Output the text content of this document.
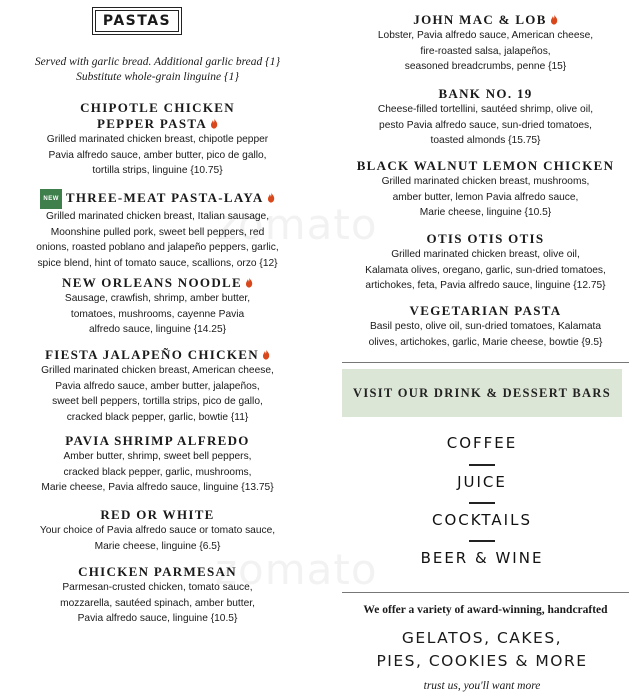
PASTAS
Served with garlic bread. Additional garlic bread {1}
Substitute whole-grain linguine {1}
CHIPOTLE CHICKEN
PEPPER PASTA
Grilled marinated chicken breast, chipotle pepper
Pavia alfredo sauce, amber butter, pico de gallo,
tortilla strips, linguine {10.75}
NEW THREE-MEAT PASTA-LAYA
Grilled marinated chicken breast, Italian sausage,
Moonshine pulled pork, sweet bell peppers, red
onions, roasted poblano and jalapeño peppers, garlic,
spice blend, hint of tomato sauce, scallions, orzo {12}
NEW ORLEANS NOODLE
Sausage, crawfish, shrimp, amber butter,
tomatoes, mushrooms, cayenne Pavia
alfredo sauce, linguine {14.25}
FIESTA JALAPEÑO CHICKEN
Grilled marinated chicken breast, American cheese,
Pavia alfredo sauce, amber butter, jalapeños,
sweet bell peppers, tortilla strips, pico de gallo,
cracked black pepper, garlic, bowtie {11}
PAVIA SHRIMP ALFREDO
Amber butter, shrimp, sweet bell peppers,
cracked black pepper, garlic, mushrooms,
Marie cheese, Pavia alfredo sauce, linguine {13.75}
RED OR WHITE
Your choice of Pavia alfredo sauce or tomato sauce,
Marie cheese, linguine {6.5}
CHICKEN PARMESAN
Parmesan-crusted chicken, tomato sauce,
mozzarella, sautéed spinach, amber butter,
Pavia alfredo sauce, linguine {10.5}
JOHN MAC & LOB
Lobster, Pavia alfredo sauce, American cheese,
fire-roasted salsa, jalapeños,
seasoned breadcrumbs, penne {15}
BANK NO. 19
Cheese-filled tortellini, sautéed shrimp, olive oil,
pesto Pavia alfredo sauce, sun-dried tomatoes,
toasted almonds {15.75}
BLACK WALNUT LEMON CHICKEN
Grilled marinated chicken breast, mushrooms,
amber butter, lemon Pavia alfredo sauce,
Marie cheese, linguine {10.5}
OTIS OTIS OTIS
Grilled marinated chicken breast, olive oil,
Kalamata olives, oregano, garlic, sun-dried tomatoes,
artichokes, feta, Pavia alfredo sauce, linguine {12.75}
VEGETARIAN PASTA
Basil pesto, olive oil, sun-dried tomatoes, Kalamata
olives, artichokes, garlic, Marie cheese, bowtie {9.5}
VISIT OUR DRINK & DESSERT BARS
COFFEE
JUICE
COCKTAILS
BEER & WINE
We offer a variety of award-winning, handcrafted
GELATOS, CAKES,
PIES, COOKIES & MORE
trust us, you'll want more
zomato
zomato
